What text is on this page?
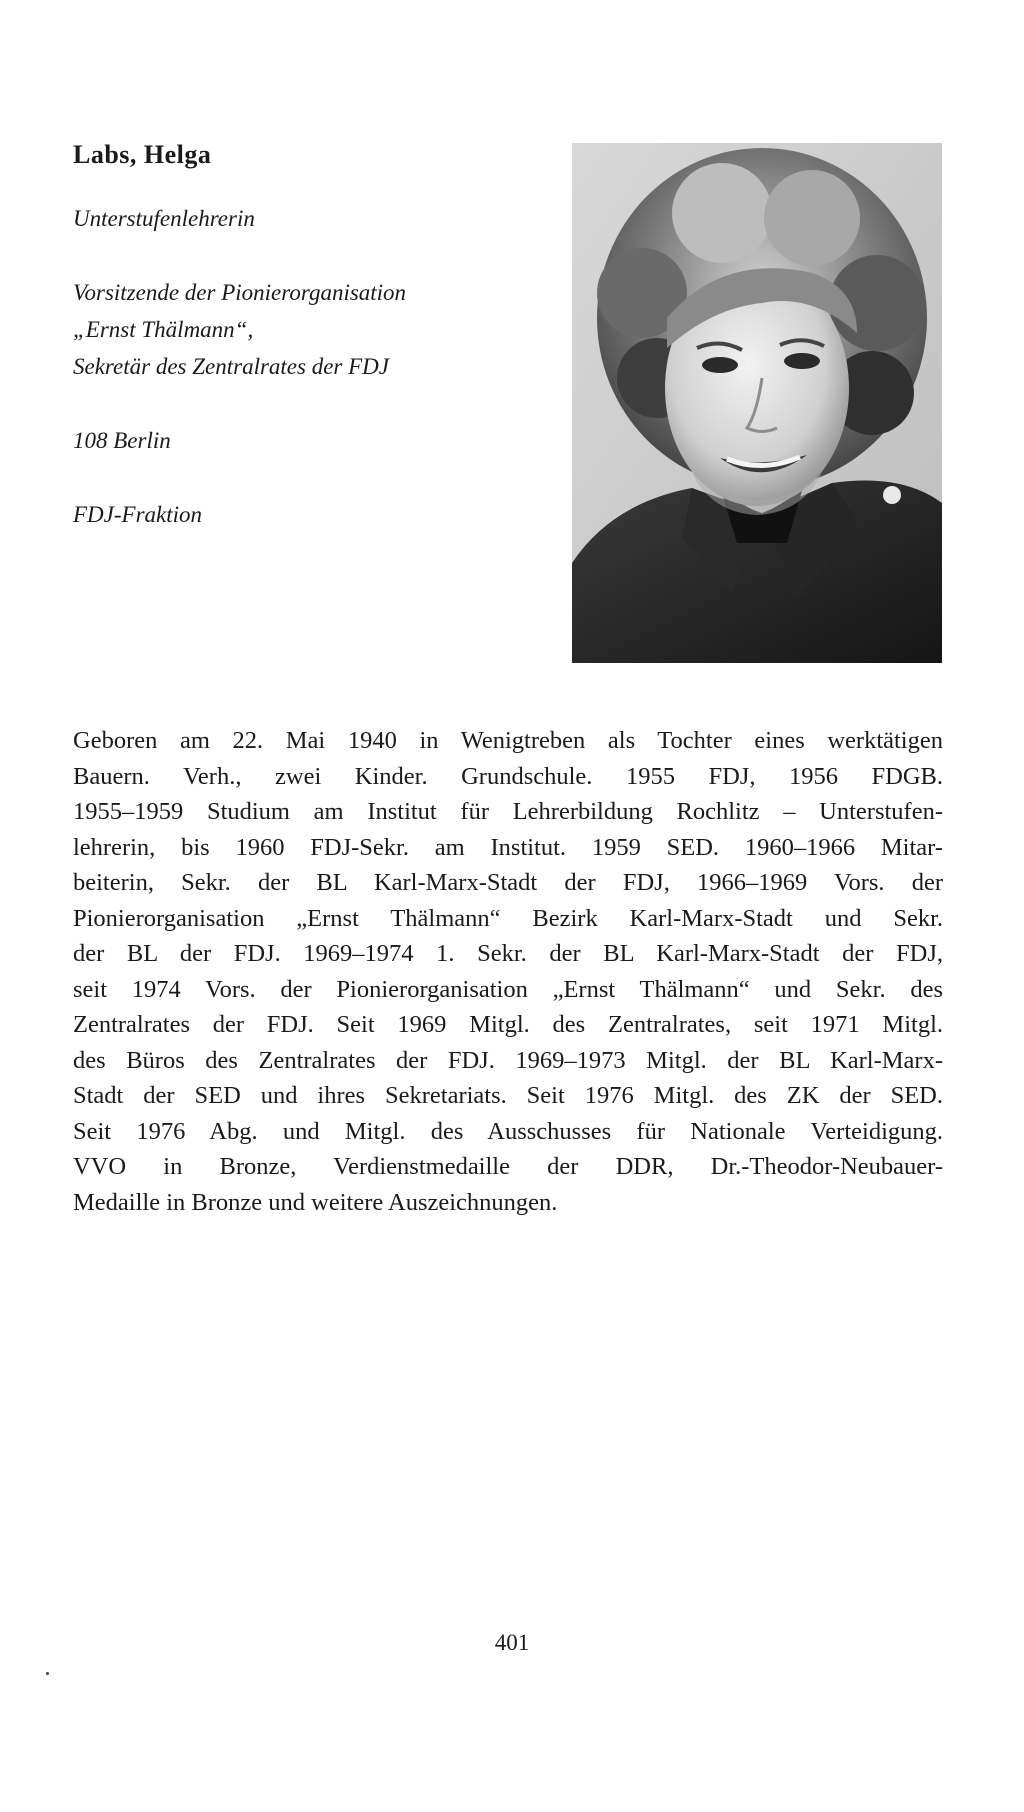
Labs, Helga

Unterstufenlehrerin

Vorsitzende der Pionierorganisation
„Ernst Thälmann“,
Sekretär des Zentralrates der FDJ

108 Berlin

FDJ-Fraktion

Geboren am 22. Mai 1940 in Wenigtreben als Tochter eines werktätigen
Bauern. Verh., zwei Kinder. Grundschule. 1955 FDJ, 1956 FDGB.
1955–1959 Studium am Institut für Lehrerbildung Rochlitz – Unterstufen-
lehrerin, bis 1960 FDJ-Sekr. am Institut. 1959 SED. 1960–1966 Mitar-
beiterin, Sekr. der BL Karl-Marx-Stadt der FDJ, 1966–1969 Vors. der
Pionierorganisation „Ernst Thälmann“ Bezirk Karl-Marx-Stadt und Sekr.
der BL der FDJ. 1969–1974 1. Sekr. der BL Karl-Marx-Stadt der FDJ,
seit 1974 Vors. der Pionierorganisation „Ernst Thälmann“ und Sekr. des
Zentralrates der FDJ. Seit 1969 Mitgl. des Zentralrates, seit 1971 Mitgl.
des Büros des Zentralrates der FDJ. 1969–1973 Mitgl. der BL Karl-Marx-
Stadt der SED und ihres Sekretariats. Seit 1976 Mitgl. des ZK der SED.
Seit 1976 Abg. und Mitgl. des Ausschusses für Nationale Verteidigung.
VVO in Bronze, Verdienstmedaille der DDR, Dr.-Theodor-Neubauer-
Medaille in Bronze und weitere Auszeichnungen.

401
